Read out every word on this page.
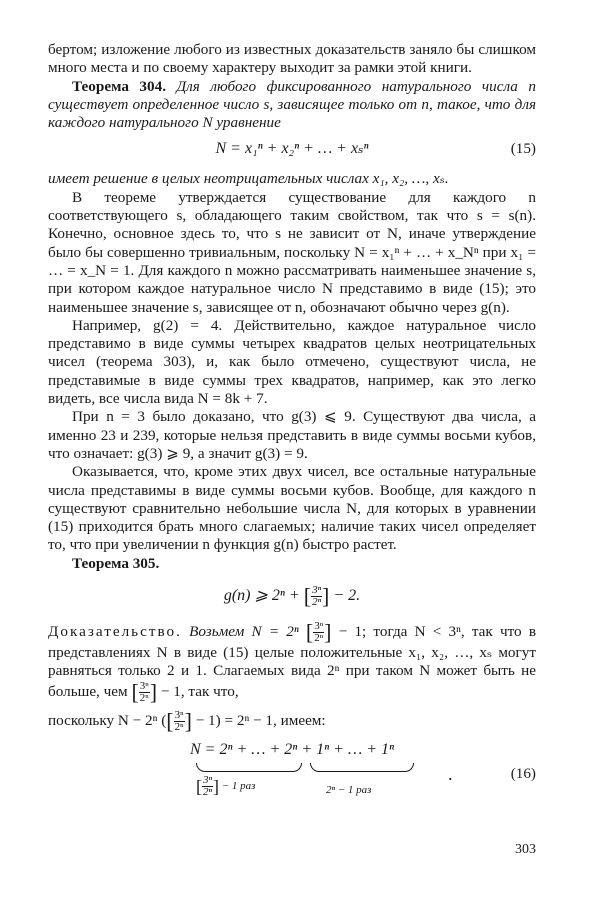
бертом; изложение любого из известных доказательств заняло бы слишком много места и по своему характеру выходит за рамки этой книги.

Теорема 304. Для любого фиксированного натурального числа n существует определенное число s, зависящее только от n, такое, что для каждого натурального N уравнение

N = x₁ⁿ + x₂ⁿ + … + xₛⁿ	(15)

имеет решение в целых неотрицательных числах x₁, x₂, …, xₛ.

В теореме утверждается существование для каждого n соответствующего s, обладающего таким свойством, так что s = s(n). Конечно, основное здесь то, что s не зависит от N, иначе утверждение было бы совершенно тривиальным, поскольку N = x₁ⁿ + … + x_Nⁿ при x₁ = … = x_N = 1. Для каждого n можно рассматривать наименьшее значение s, при котором каждое натуральное число N представимо в виде (15); это наименьшее значение s, зависящее от n, обозначают обычно через g(n).

Например, g(2) = 4. Действительно, каждое натуральное число представимо в виде суммы четырех квадратов целых неотрицательных чисел (теорема 303), и, как было отмечено, существуют числа, не представимые в виде суммы трех квадратов, например, как это легко видеть, все числа вида N = 8k + 7.

При n = 3 было доказано, что g(3) ⩽ 9. Существуют два числа, а именно 23 и 239, которые нельзя представить в виде суммы восьми кубов, что означает: g(3) ⩾ 9, а значит g(3) = 9.

Оказывается, что, кроме этих двух чисел, все остальные натуральные числа представимы в виде суммы восьми кубов. Вообще, для каждого n существуют сравнительно небольшие числа N, для которых в уравнении (15) приходится брать много слагаемых; наличие таких чисел определяет то, что при увеличении n функция g(n) быстро растет.

Теорема 305.

g(n) ⩾ 2ⁿ + [ $\frac{\text{3ⁿ}}{\text{2ⁿ}}$ ] − 2.

Доказательство. Возьмем N = 2ⁿ [ $\frac{\text{3ⁿ}}{\text{2ⁿ}}$ ] − 1; тогда N < 3ⁿ, так что в представлениях N в виде (15) целые положительные x₁, x₂, …, xₛ могут равняться только 2 и 1. Слагаемых вида 2ⁿ при таком N может быть не больше, чем [ $\frac{\text{3ⁿ}}{\text{2ⁿ}}$ ] − 1, так что,

поскольку N − 2ⁿ ([ $\frac{\text{3ⁿ}}{\text{2ⁿ}}$ ] − 1) = 2ⁿ − 1, имеем:

N = 2ⁿ + … + 2ⁿ + 1ⁿ + … + 1ⁿ
[ $\frac{\text{3ⁿ}}{\text{2ⁿ}}$ ] − 1 раз	2ⁿ − 1 раз
.	(16)
303
